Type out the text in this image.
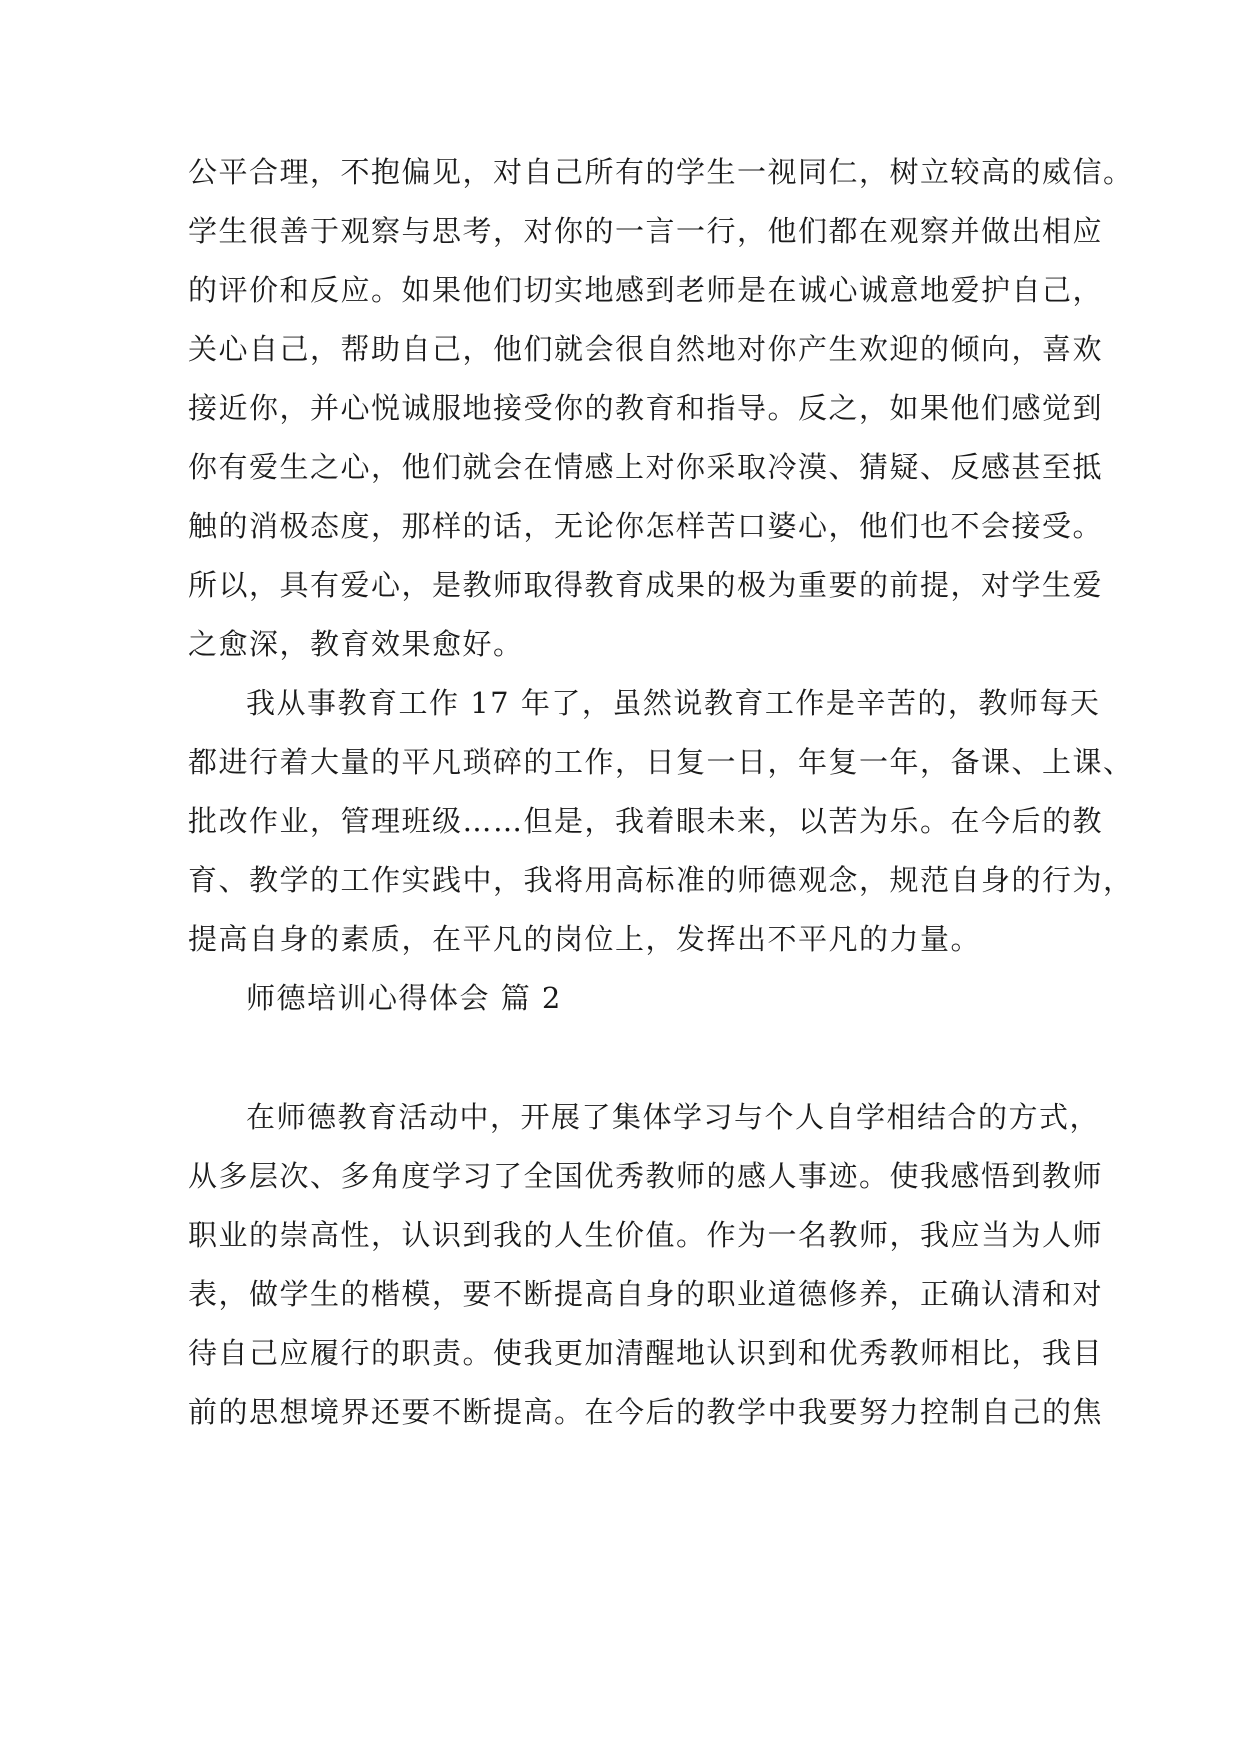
公平合理，不抱偏见，对自己所有的学生一视同仁，树立较高的威信。
学生很善于观察与思考，对你的一言一行，他们都在观察并做出相应
的评价和反应。如果他们切实地感到老师是在诚心诚意地爱护自己，
关心自己，帮助自己，他们就会很自然地对你产生欢迎的倾向，喜欢
接近你，并心悦诚服地接受你的教育和指导。反之，如果他们感觉到
你有爱生之心，他们就会在情感上对你采取冷漠、猜疑、反感甚至抵
触的消极态度，那样的话，无论你怎样苦口婆心，他们也不会接受。
所以，具有爱心，是教师取得教育成果的极为重要的前提，对学生爱
之愈深，教育效果愈好。
我从事教育工作 17 年了，虽然说教育工作是辛苦的，教师每天
都进行着大量的平凡琐碎的工作，日复一日，年复一年，备课、上课、
批改作业，管理班级……但是，我着眼未来，以苦为乐。在今后的教
育、教学的工作实践中，我将用高标准的师德观念，规范自身的行为，
提高自身的素质，在平凡的岗位上，发挥出不平凡的力量。
师德培训心得体会 篇 2
在师德教育活动中，开展了集体学习与个人自学相结合的方式，
从多层次、多角度学习了全国优秀教师的感人事迹。使我感悟到教师
职业的崇高性，认识到我的人生价值。作为一名教师，我应当为人师
表，做学生的楷模，要不断提高自身的职业道德修养，正确认清和对
待自己应履行的职责。使我更加清醒地认识到和优秀教师相比，我目
前的思想境界还要不断提高。在今后的教学中我要努力控制自己的焦
